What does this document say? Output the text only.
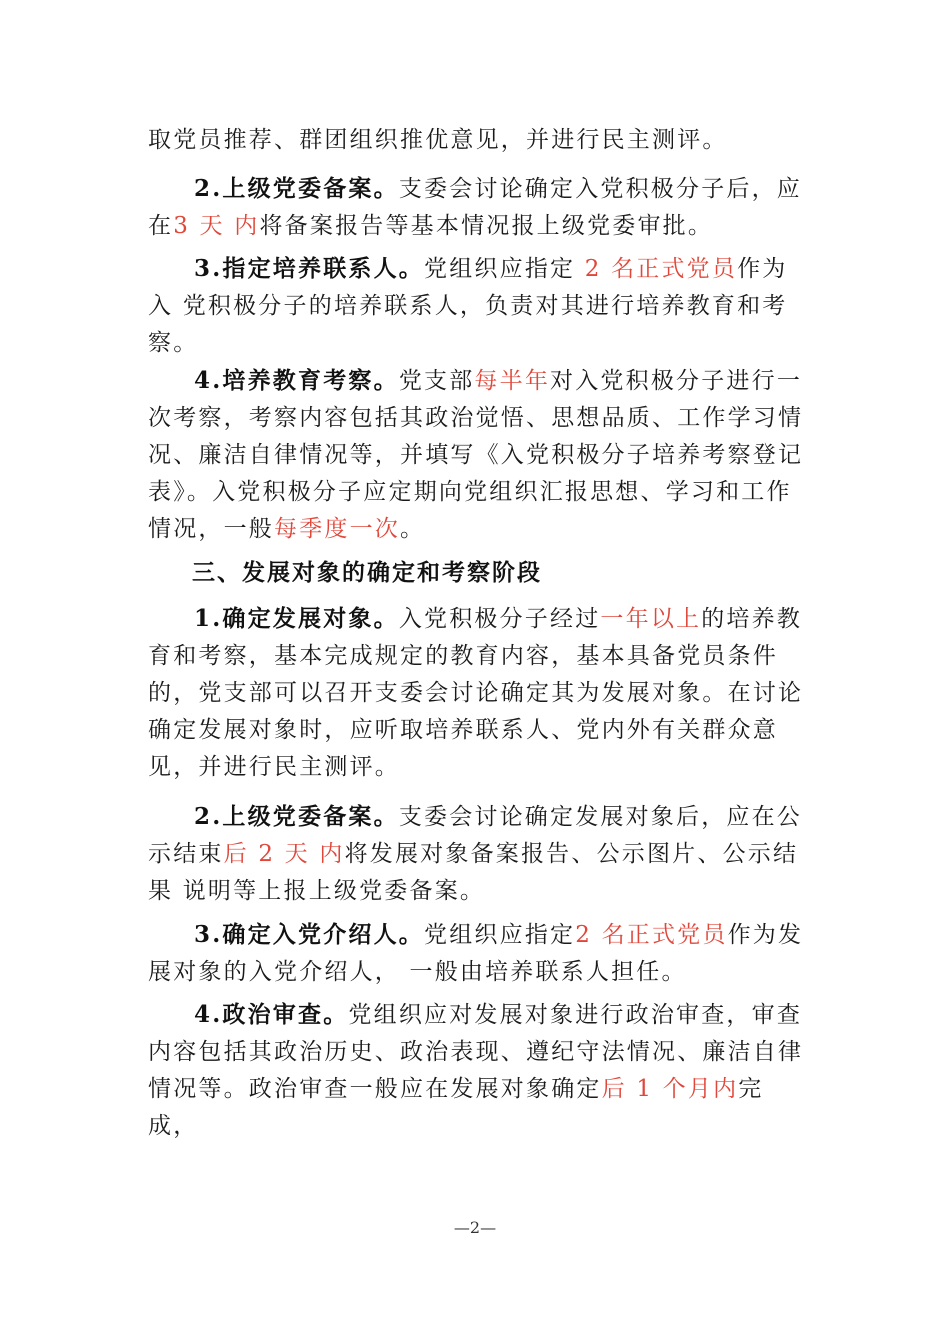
取党员推荐、群团组织推优意见，并进行民主测评。

2.上级党委备案。支委会讨论确定入党积极分子后，应在3 天 内将备案报告等基本情况报上级党委审批。

3.指定培养联系人。党组织应指定 2 名正式党员作为入 党积极分子的培养联系人，负责对其进行培养教育和考察。

4.培养教育考察。党支部每半年对入党积极分子进行一次考察，考察内容包括其政治觉悟、思想品质、工作学习情况、廉洁自律情况等，并填写《入党积极分子培养考察登记表》。入党积极分子应定期向党组织汇报思想、学习和工作情况，一般每季度一次。

三、发展对象的确定和考察阶段

1.确定发展对象。入党积极分子经过一年以上的培养教育和考察，基本完成规定的教育内容，基本具备党员条件的，党支部可以召开支委会讨论确定其为发展对象。在讨论确定发展对象时，应听取培养联系人、党内外有关群众意见，并进行民主测评。

2.上级党委备案。支委会讨论确定发展对象后，应在公示结束后 2 天 内将发展对象备案报告、公示图片、公示结果 说明等上报上级党委备案。

3.确定入党介绍人。党组织应指定2 名正式党员作为发 展对象的入党介绍人， 一般由培养联系人担任。

4.政治审查。党组织应对发展对象进行政治审查，审查内容包括其政治历史、政治表现、遵纪守法情况、廉洁自律情况等。政治审查一般应在发展对象确定后 1 个月内完成，

—2—
